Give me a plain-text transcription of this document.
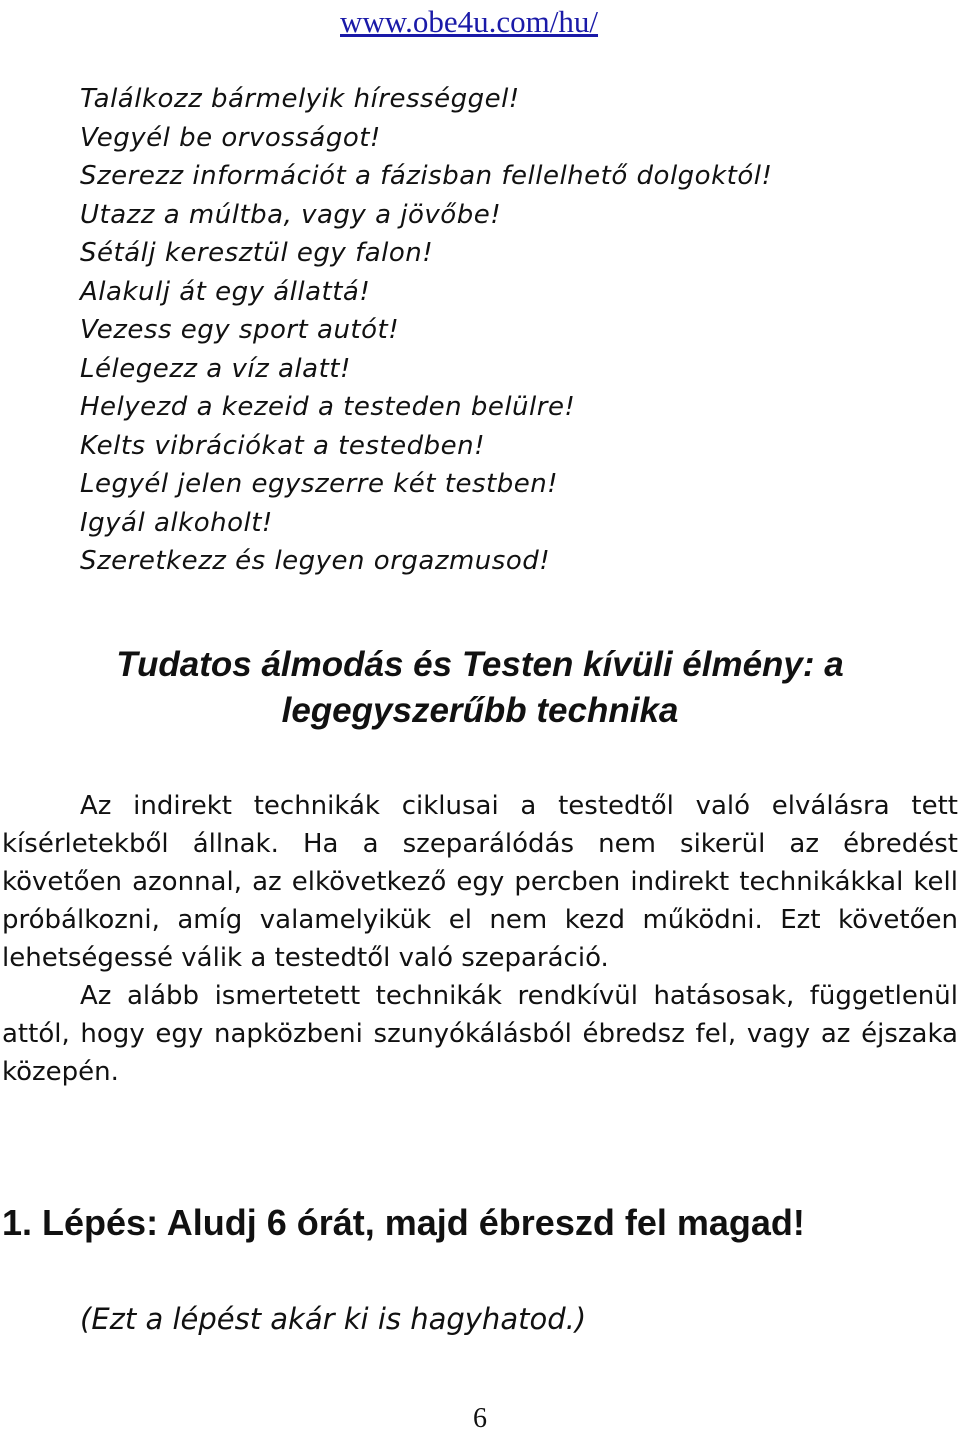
www.obe4u.com/hu/
Találkozz bármelyik hírességgel!
Vegyél be orvosságot!
Szerezz információt a fázisban fellelhető dolgoktól!
Utazz a múltba, vagy a jövőbe!
Sétálj keresztül egy falon!
Alakulj át egy állattá!
Vezess egy sport autót!
Lélegezz a víz alatt!
Helyezd a kezeid a testeden belülre!
Kelts vibrációkat a testedben!
Legyél jelen egyszerre két testben!
Igyál alkoholt!
Szeretkezz és legyen orgazmusod!
Tudatos álmodás és Testen kívüli élmény: a
legegyszerűbb technika

Az indirekt technikák ciklusai a testedtől való elválásra tett kísérletekből állnak. Ha a szeparálódás nem sikerül az ébredést követően azonnal, az elkövetkező egy percben indirekt technikákkal kell próbálkozni, amíg valamelyikük el nem kezd működni. Ezt követően lehetségessé válik a testedtől való szeparáció.

Az alább ismertetett technikák rendkívül hatásosak, függetlenül attól, hogy egy napközbeni szunyókálásból ébredsz fel, vagy az éjszaka közepén.

1. Lépés: Aludj 6 órát, majd ébreszd fel magad!

(Ezt a lépést akár ki is hagyhatod.)

6
